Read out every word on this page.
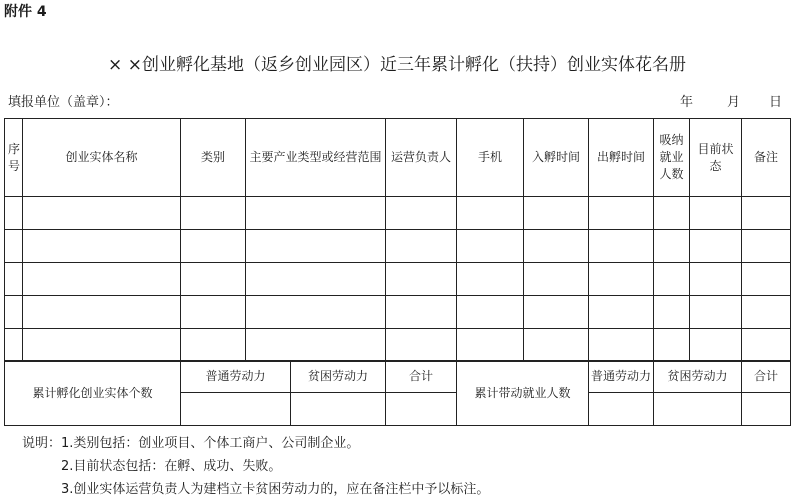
附件 4
× ×创业孵化基地（返乡创业园区）近三年累计孵化（扶持）创业实体花名册
填报单位（盖章）：	年	月 日
序号	创业实体名称	类别	主要产业类型或经营范围	运营负责人	手机	入孵时间	出孵时间	吸纳就业人数	目前状态	备注

累计孵化创业实体个数	普通劳动力	贫困劳动力	合计	累计带动就业人数	普通劳动力	贫困劳动力	合计

说明：1.类别包括：创业项目、个体工商户、公司制企业。
2.目前状态包括：在孵、成功、失败。
3.创业实体运营负责人为建档立卡贫困劳动力的，应在备注栏中予以标注。
